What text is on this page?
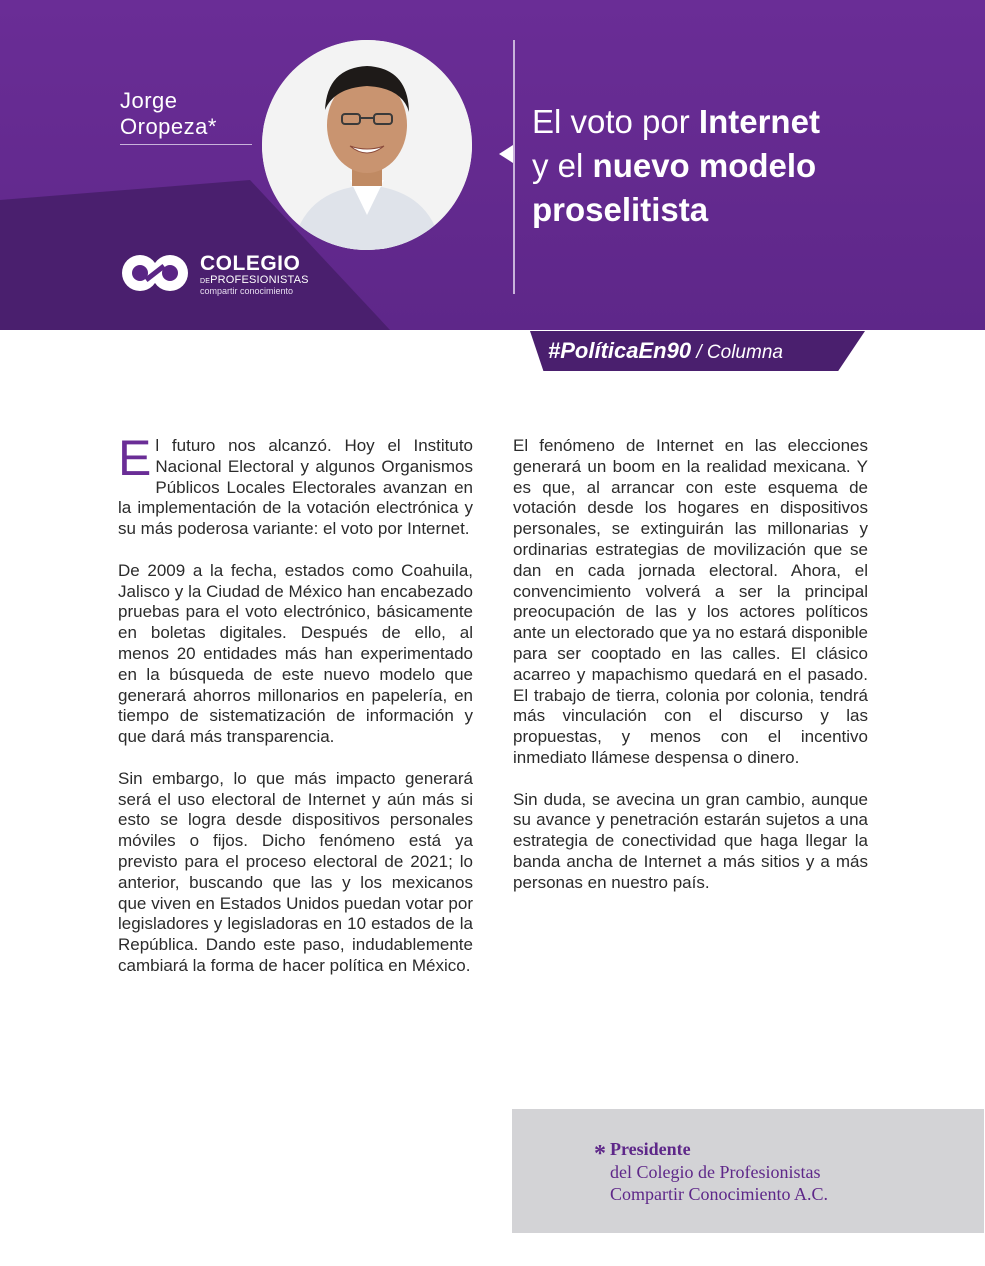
Jorge
Oropeza*
COLEGIO
DEPROFESIONISTAS
compartir conocimiento
El voto por Internet
y el nuevo modelo
proselitista
#PolíticaEn90 / Columna

El futuro nos alcanzó. Hoy el Instituto Nacional Electoral y algunos Organismos Públicos Locales Electorales avanzan en la implementación de la votación electrónica y su más poderosa variante: el voto por Internet.

De 2009 a la fecha, estados como Coahuila, Jalisco y la Ciudad de México han encabezado pruebas para el voto electrónico, básicamente en boletas digitales. Después de ello, al menos 20 entidades más han experimentado en la búsqueda de este nuevo modelo que generará ahorros millonarios en papelería, en tiempo de sistematización de información y que dará más transparencia.

Sin embargo, lo que más impacto generará será el uso electoral de Internet y aún más si esto se logra desde dispositivos personales móviles o fijos. Dicho fenómeno está ya previsto para el proceso electoral de 2021; lo anterior, buscando que las y los mexicanos que viven en Estados Unidos puedan votar por legisladores y legisladoras en 10 estados de la República. Dando este paso, indudablemente cambiará la forma de hacer política en México.

El fenómeno de Internet en las elecciones generará un boom en la realidad mexicana. Y es que, al arrancar con este esquema de votación desde los hogares en dispositivos personales, se extinguirán las millonarias y ordinarias estrategias de movilización que se dan en cada jornada electoral. Ahora, el convencimiento volverá a ser la principal preocupación de las y los actores políticos ante un electorado que ya no estará disponible para ser cooptado en las calles. El clásico acarreo y mapachismo quedará en el pasado. El trabajo de tierra, colonia por colonia, tendrá más vinculación con el discurso y las propuestas, y menos con el incentivo inmediato llámese despensa o dinero.

Sin duda, se avecina un gran cambio, aunque su avance y penetración estarán sujetos a una estrategia de conectividad que haga llegar la banda ancha de Internet a más sitios y a más personas en nuestro país.

* Presidente
del Colegio de Profesionistas
Compartir Conocimiento A.C.
